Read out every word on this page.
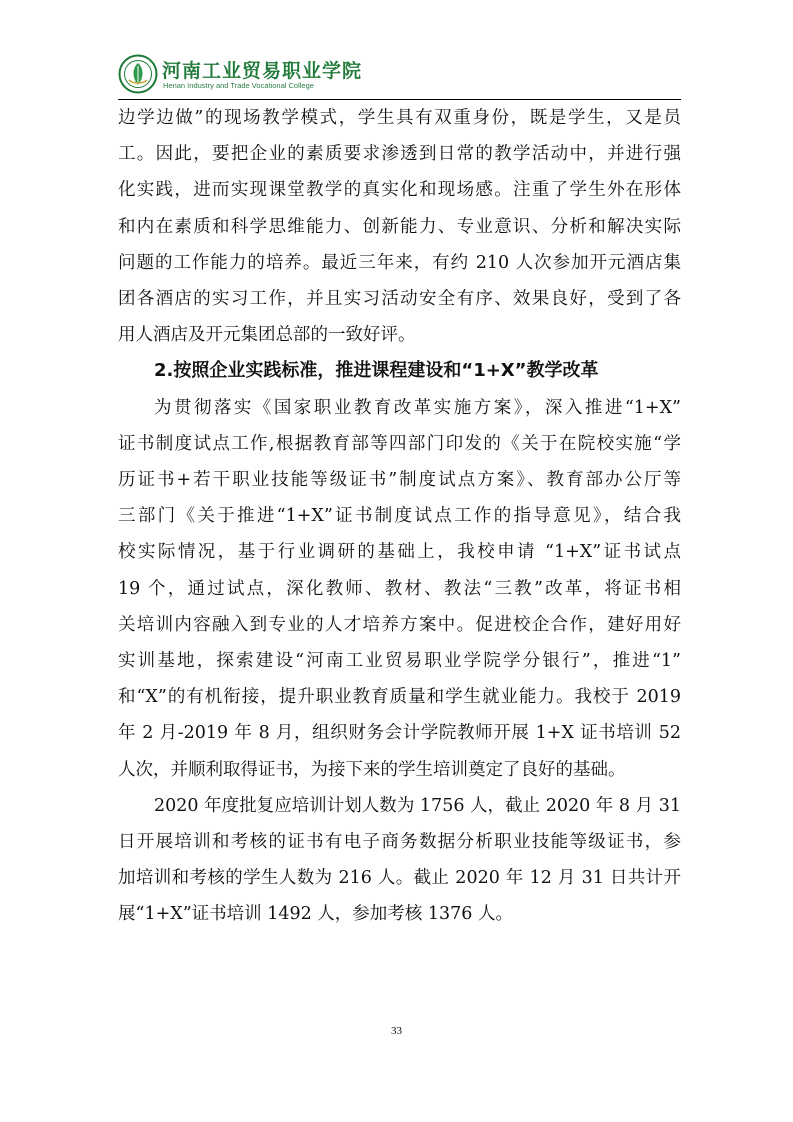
河南工业贸易职业学院
Henan Industry and Trade Vocational College

边学边做”的现场教学模式，学生具有双重身份，既是学生，又是员

工。因此，要把企业的素质要求渗透到日常的教学活动中，并进行强

化实践，进而实现课堂教学的真实化和现场感。注重了学生外在形体

和内在素质和科学思维能力、创新能力、专业意识、分析和解决实际

问题的工作能力的培养。最近三年来，有约 210 人次参加开元酒店集

团各酒店的实习工作，并且实习活动安全有序、效果良好，受到了各

用人酒店及开元集团总部的一致好评。

2.按照企业实践标准，推进课程建设和“1+X”教学改革

为贯彻落实《国家职业教育改革实施方案》，深入推进“1+X”

证书制度试点工作,根据教育部等四部门印发的《关于在院校实施“学

历证书+若干职业技能等级证书”制度试点方案》、教育部办公厅等

三部门《关于推进“1+X”证书制度试点工作的指导意见》，结合我

校实际情况，基于行业调研的基础上，我校申请 “1+X”证书试点

19 个，通过试点，深化教师、教材、教法“三教”改革，将证书相

关培训内容融入到专业的人才培养方案中。促进校企合作，建好用好

实训基地，探索建设“河南工业贸易职业学院学分银行”，推进“1”

和“X”的有机衔接，提升职业教育质量和学生就业能力。我校于 2019

年 2 月-2019 年 8 月，组织财务会计学院教师开展 1+X 证书培训 52

人次，并顺利取得证书，为接下来的学生培训奠定了良好的基础。

2020 年度批复应培训计划人数为 1756 人，截止 2020 年 8 月 31

日开展培训和考核的证书有电子商务数据分析职业技能等级证书，参

加培训和考核的学生人数为 216 人。截止 2020 年 12 月 31 日共计开

展“1+X”证书培训 1492 人，参加考核 1376 人。

33
